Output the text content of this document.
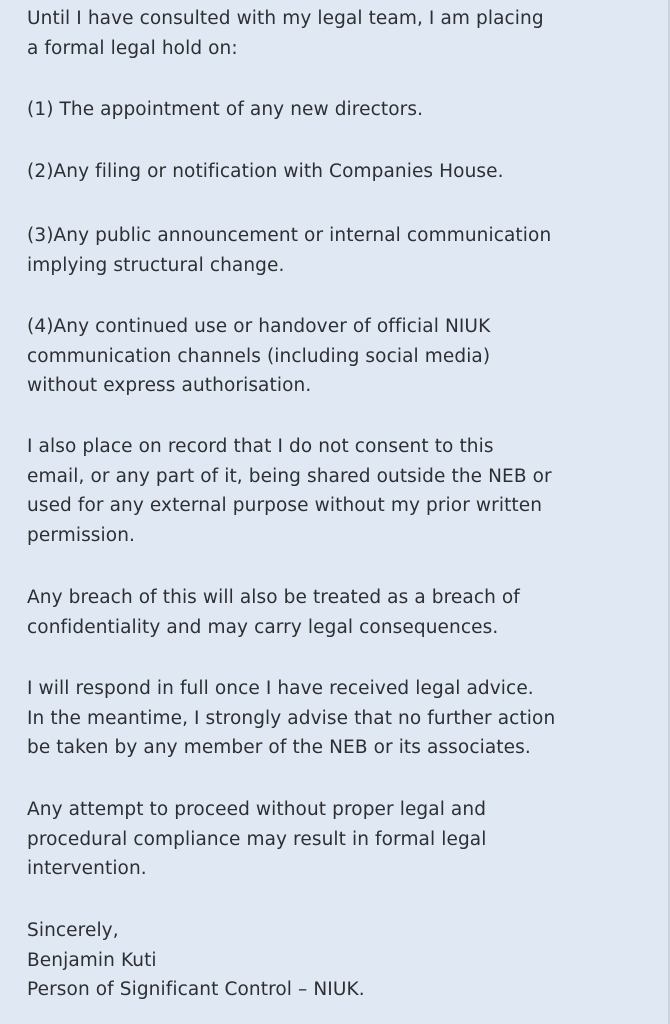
Until I have consulted with my legal team, I am placing
a formal legal hold on:

(1) The appointment of any new directors.

(2)Any filing or notification with Companies House.

(3)Any public announcement or internal communication
implying structural change.

(4)Any continued use or handover of official NIUK
communication channels (including social media)
without express authorisation.

I also place on record that I do not consent to this
email, or any part of it, being shared outside the NEB or
used for any external purpose without my prior written
permission.

Any breach of this will also be treated as a breach of
confidentiality and may carry legal consequences.

I will respond in full once I have received legal advice.
In the meantime, I strongly advise that no further action
be taken by any member of the NEB or its associates.

Any attempt to proceed without proper legal and
procedural compliance may result in formal legal
intervention.

Sincerely,
Benjamin Kuti
Person of Significant Control – NIUK.
